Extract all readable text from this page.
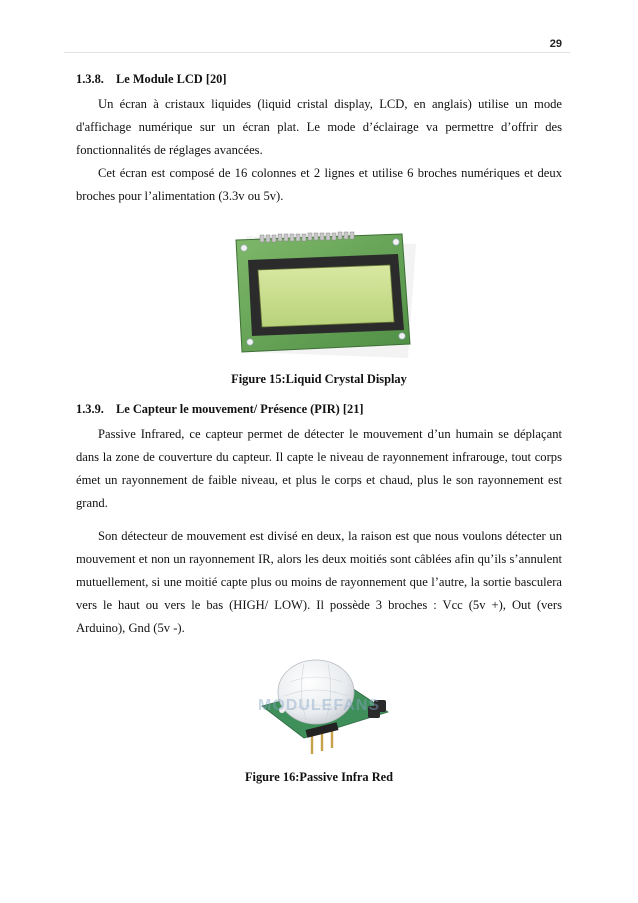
29

1.3.8. Le Module LCD [20]

Un écran à cristaux liquides (liquid cristal display, LCD, en anglais) utilise un mode d'affichage numérique sur un écran plat. Le mode d’éclairage va permettre d’offrir des fonctionnalités de réglages avancées.

Cet écran est composé de 16 colonnes et 2 lignes et utilise 6 broches numériques et deux broches pour l’alimentation (3.3v ou 5v).

Figure 15:Liquid Crystal Display

1.3.9. Le Capteur le mouvement/ Présence (PIR) [21]

Passive Infrared, ce capteur permet de détecter le mouvement d’un humain se déplaçant dans la zone de couverture du capteur. Il capte le niveau de rayonnement infrarouge, tout corps émet un rayonnement de faible niveau, et plus le corps et chaud, plus le son rayonnement est grand.

Son détecteur de mouvement est divisé en deux, la raison est que nous voulons détecter un mouvement et non un rayonnement IR, alors les deux moitiés sont câblées afin qu’ils s’annulent mutuellement, si une moitié capte plus ou moins de rayonnement que l’autre, la sortie basculera vers le haut ou vers le bas (HIGH/ LOW). Il possède 3 broches : Vcc (5v +), Out (vers Arduino), Gnd (5v -).

MODULEFANS

Figure 16:Passive Infra Red
